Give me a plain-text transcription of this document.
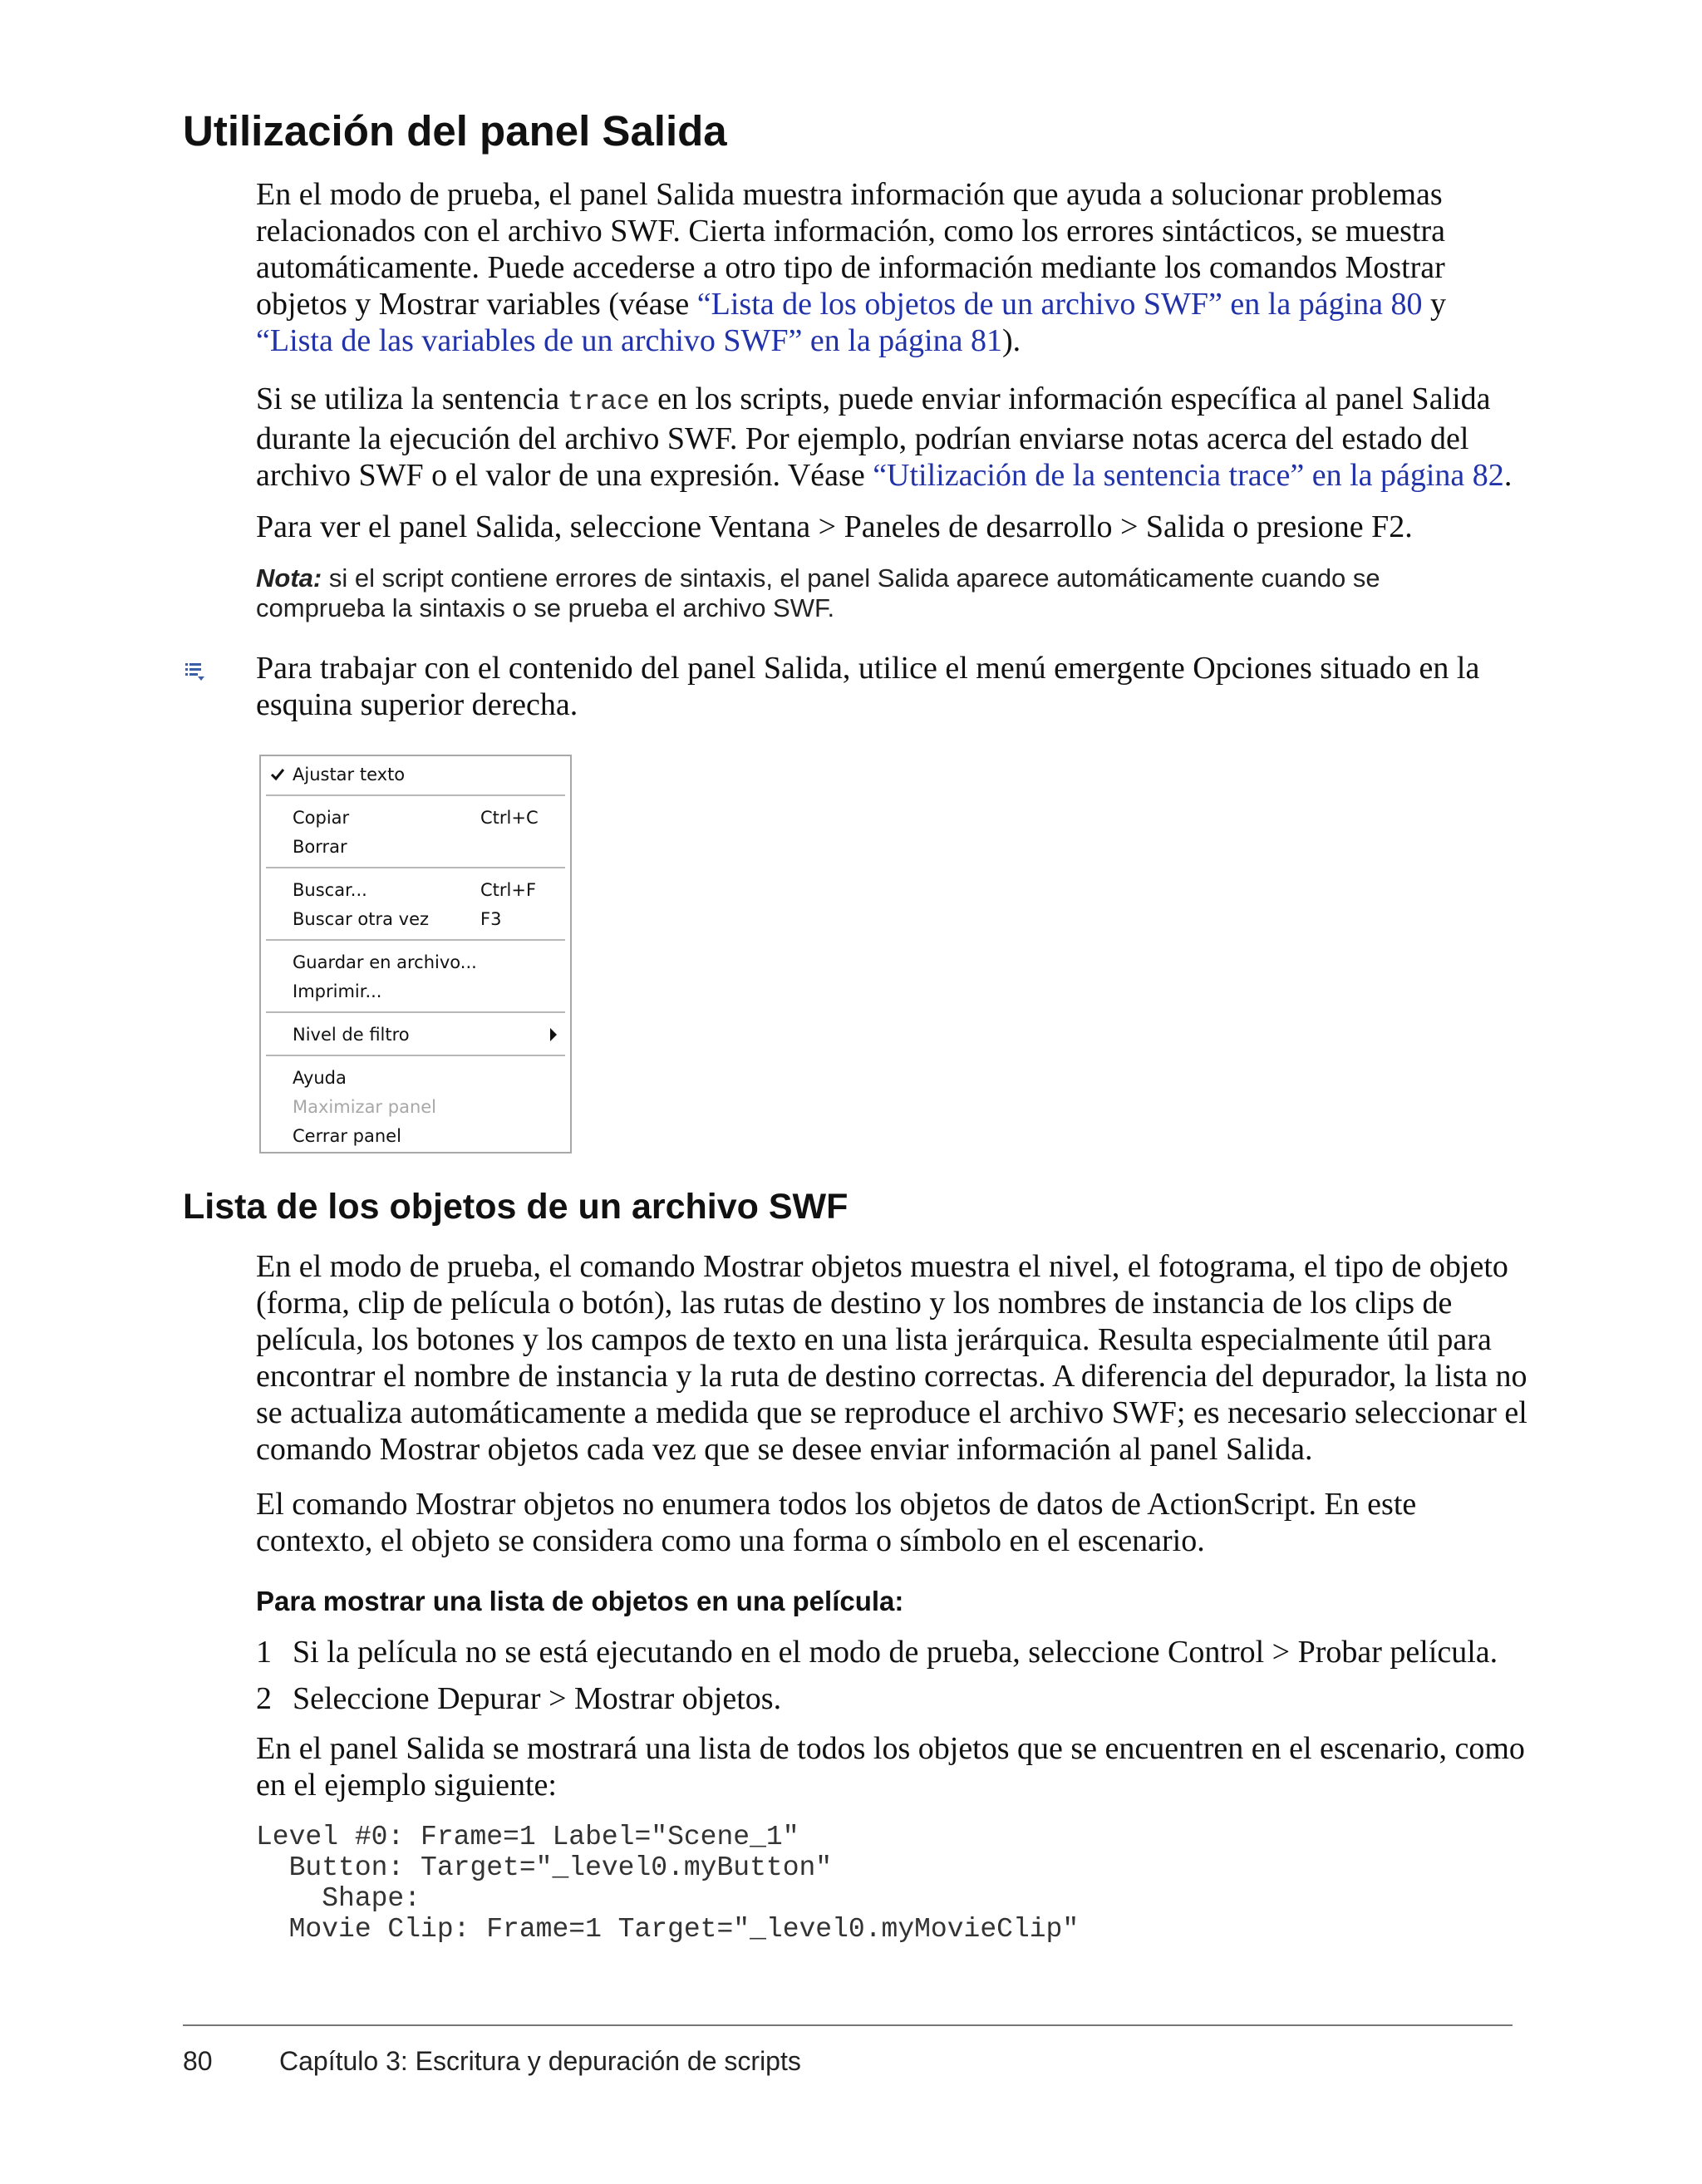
Utilización del panel Salida

En el modo de prueba, el panel Salida muestra información que ayuda a solucionar problemas relacionados con el archivo SWF. Cierta información, como los errores sintácticos, se muestra automáticamente. Puede accederse a otro tipo de información mediante los comandos Mostrar objetos y Mostrar variables (véase “Lista de los objetos de un archivo SWF” en la página 80 y “Lista de las variables de un archivo SWF” en la página 81).

Si se utiliza la sentencia trace en los scripts, puede enviar información específica al panel Salida durante la ejecución del archivo SWF. Por ejemplo, podrían enviarse notas acerca del estado del archivo SWF o el valor de una expresión. Véase “Utilización de la sentencia trace” en la página 82.

Para ver el panel Salida, seleccione Ventana > Paneles de desarrollo > Salida o presione F2.

Nota: si el script contiene errores de sintaxis, el panel Salida aparece automáticamente cuando se comprueba la sintaxis o se prueba el archivo SWF.

Para trabajar con el contenido del panel Salida, utilice el menú emergente Opciones situado en la esquina superior derecha.

Ajustar texto
Copiar	Ctrl+C
Borrar
Buscar...	Ctrl+F
Buscar otra vez	F3
Guardar en archivo...
Imprimir...
Nivel de filtro
Ayuda
Maximizar panel
Cerrar panel
Lista de los objetos de un archivo SWF

En el modo de prueba, el comando Mostrar objetos muestra el nivel, el fotograma, el tipo de objeto (forma, clip de película o botón), las rutas de destino y los nombres de instancia de los clips de película, los botones y los campos de texto en una lista jerárquica. Resulta especialmente útil para encontrar el nombre de instancia y la ruta de destino correctas. A diferencia del depurador, la lista no se actualiza automáticamente a medida que se reproduce el archivo SWF; es necesario seleccionar el comando Mostrar objetos cada vez que se desee enviar información al panel Salida.

El comando Mostrar objetos no enumera todos los objetos de datos de ActionScript. En este contexto, el objeto se considera como una forma o símbolo en el escenario.

Para mostrar una lista de objetos en una película:
1 Si la película no se está ejecutando en el modo de prueba, seleccione Control > Probar película.
2 Seleccione Depurar > Mostrar objetos.

En el panel Salida se mostrará una lista de todos los objetos que se encuentren en el escenario, como en el ejemplo siguiente:

Level #0: Frame=1 Label="Scene_1"
Button: Target="_level0.myButton"
Shape:
Movie Clip: Frame=1 Target="_level0.myMovieClip"
80	Capítulo 3: Escritura y depuración de scripts
